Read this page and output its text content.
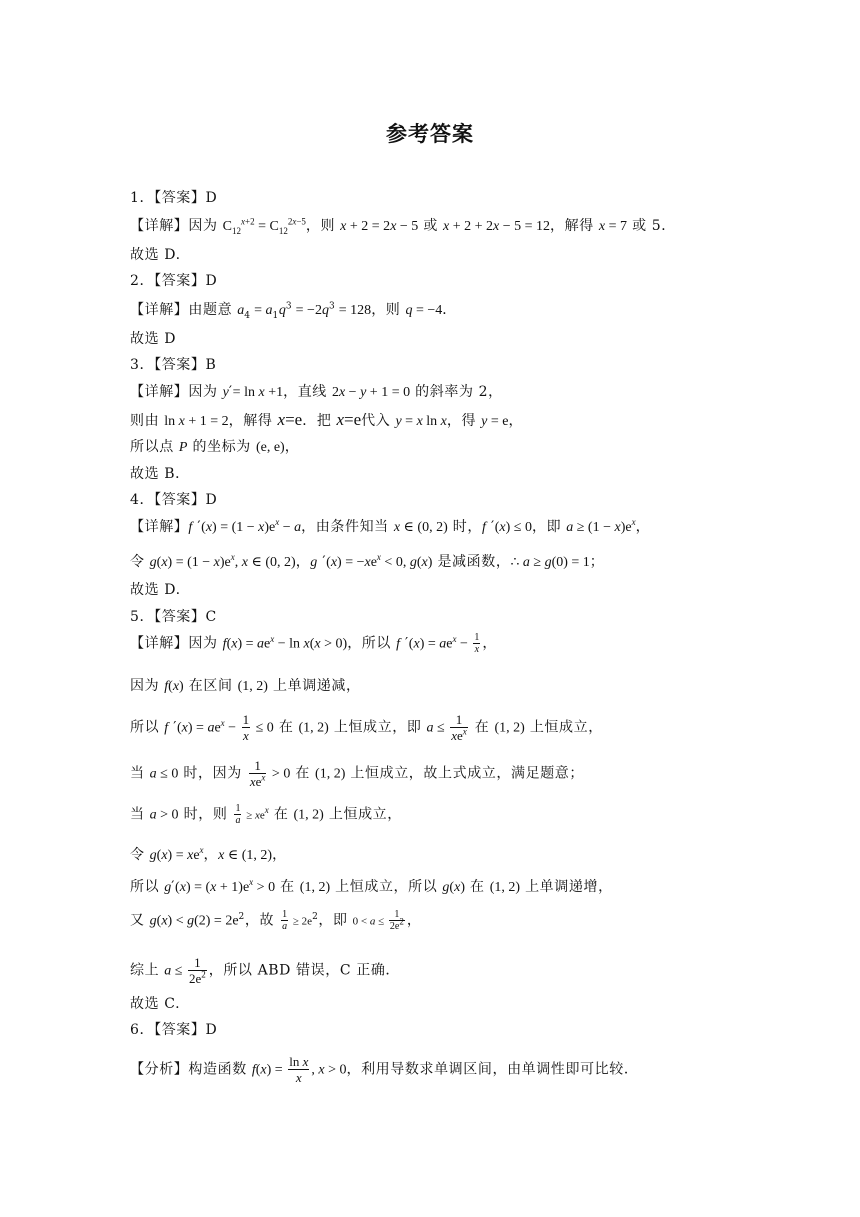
参考答案
1．【答案】D
【详解】因为 $C_{12}^{x+2} = C_{12}^{2x-5}$，则 x + 2 = 2x − 5 或 x + 2 + 2x − 5 = 12，解得 x = 7 或 5．
故选 D.
2．【答案】D
【详解】由题意 $a_4 = a_1q^3 = -2q^3 = 128$，则 q = −4．
故选 D
3．【答案】B
【详解】因为 y′= ln x +1，直线 2x − y + 1 = 0 的斜率为 2，
则由 ln x + 1 = 2，解得 x=e．把 x=e代入 y = x ln x，得 y = e，
所以点 P 的坐标为 (e, e)，
故选 B．
4．【答案】D
【详解】f $'(x) = (1 - x)e^x - a$，由条件知当 x ∈ (0, 2) 时，f ′(x) ≤ 0，即 $a \ge (1 - x)e^x$，
令 $g(x) = (1 - x)e^x$, x ∈ (0, 2)，g $'(x) = -xe^x < 0$, g(x) 是减函数，∴ a ≥ g(0) = 1；
故选 D.
5．【答案】C
【详解】因为 $f(x) = ae^x - \ln x(x > 0)$，所以 f $'(x) = ae^x - \frac{1}{x}$ ，
因为 f(x) 在区间 (1, 2) 上单调递减，
所以 f $'(x) = ae^x - \frac{1}{x} \le 0$ 在 (1, 2) 上恒成立，即 $a \le \frac{1}{xe^x}$ 在 (1, 2) 上恒成立，
当 a ≤ 0 时，因为 $\frac{1}{xe^x} > 0$ 在 (1, 2) 上恒成立，故上式成立，满足题意；
当 a > 0 时，则 $\frac{1}{a} \ge xe^x$ 在 (1, 2) 上恒成立，
令 $g(x) = xe^x$，x ∈ (1, 2)，
所以 $g'(x) = (x + 1)e^x > 0$ 在 (1, 2) 上恒成立，所以 g(x) 在 (1, 2) 上单调递增，
又 $g(x) < g(2) = 2e^2$，故 $\frac{1}{a} \ge 2e^2$，即 $0 < a \le \frac{1}{2e^2}$ ，
综上 $a \le \frac{1}{2e^2}$ ，所以 ABD 错误，C 正确．
故选 C.
6．【答案】D
【分析】构造函数 $f(x) = \frac{\text{ln x}}{x}$ , x > 0，利用导数求单调区间，由单调性即可比较．
